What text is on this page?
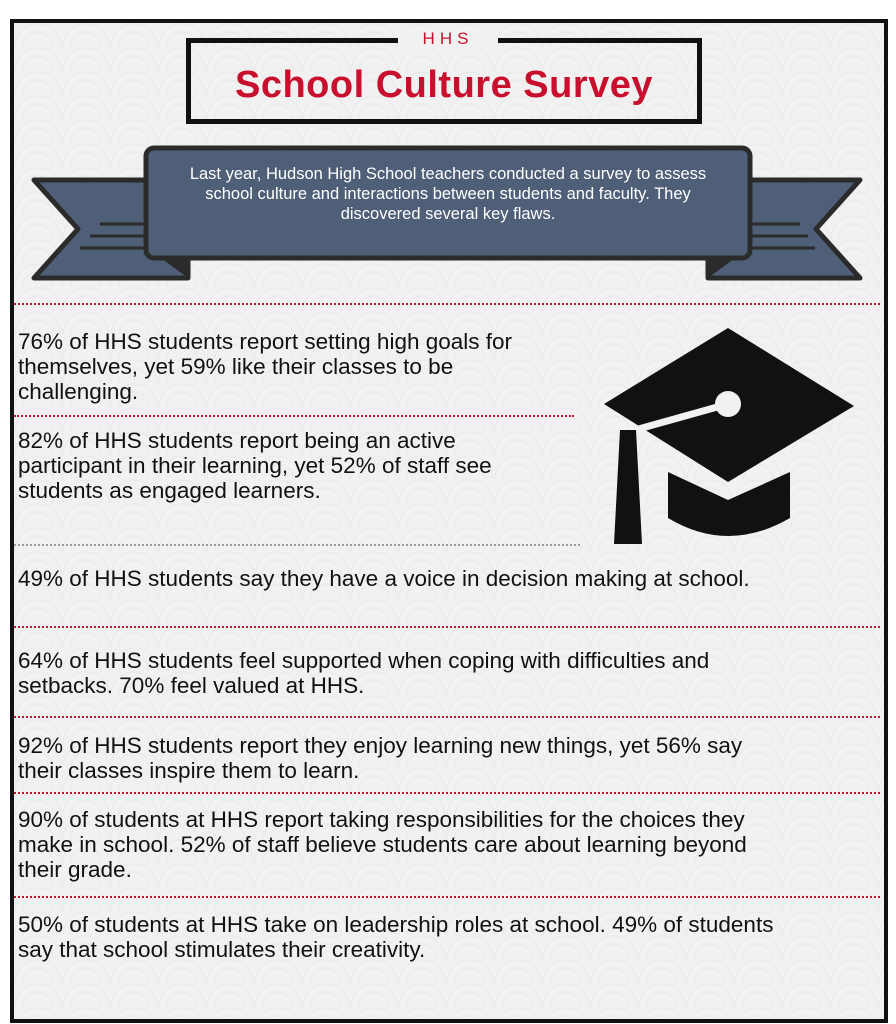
HHS
School Culture Survey
Last year, Hudson High School teachers conducted a survey to assess school culture and interactions between students and faculty. They discovered several key flaws.
76% of HHS students report setting high goals for themselves, yet 59% like their classes to be challenging.
82% of HHS students report being an active participant in their learning, yet 52% of staff see students as engaged learners.
49% of HHS students say they have a voice in decision making at school.
64% of HHS students feel supported when coping with difficulties and setbacks. 70% feel valued at HHS.
92% of HHS students report they enjoy learning new things, yet 56% say their classes inspire them to learn.
90% of students at HHS report taking responsibilities for the choices they make in school. 52% of staff believe students care about learning beyond their grade.
50% of students at HHS take on leadership roles at school. 49% of students say that school stimulates their creativity.
